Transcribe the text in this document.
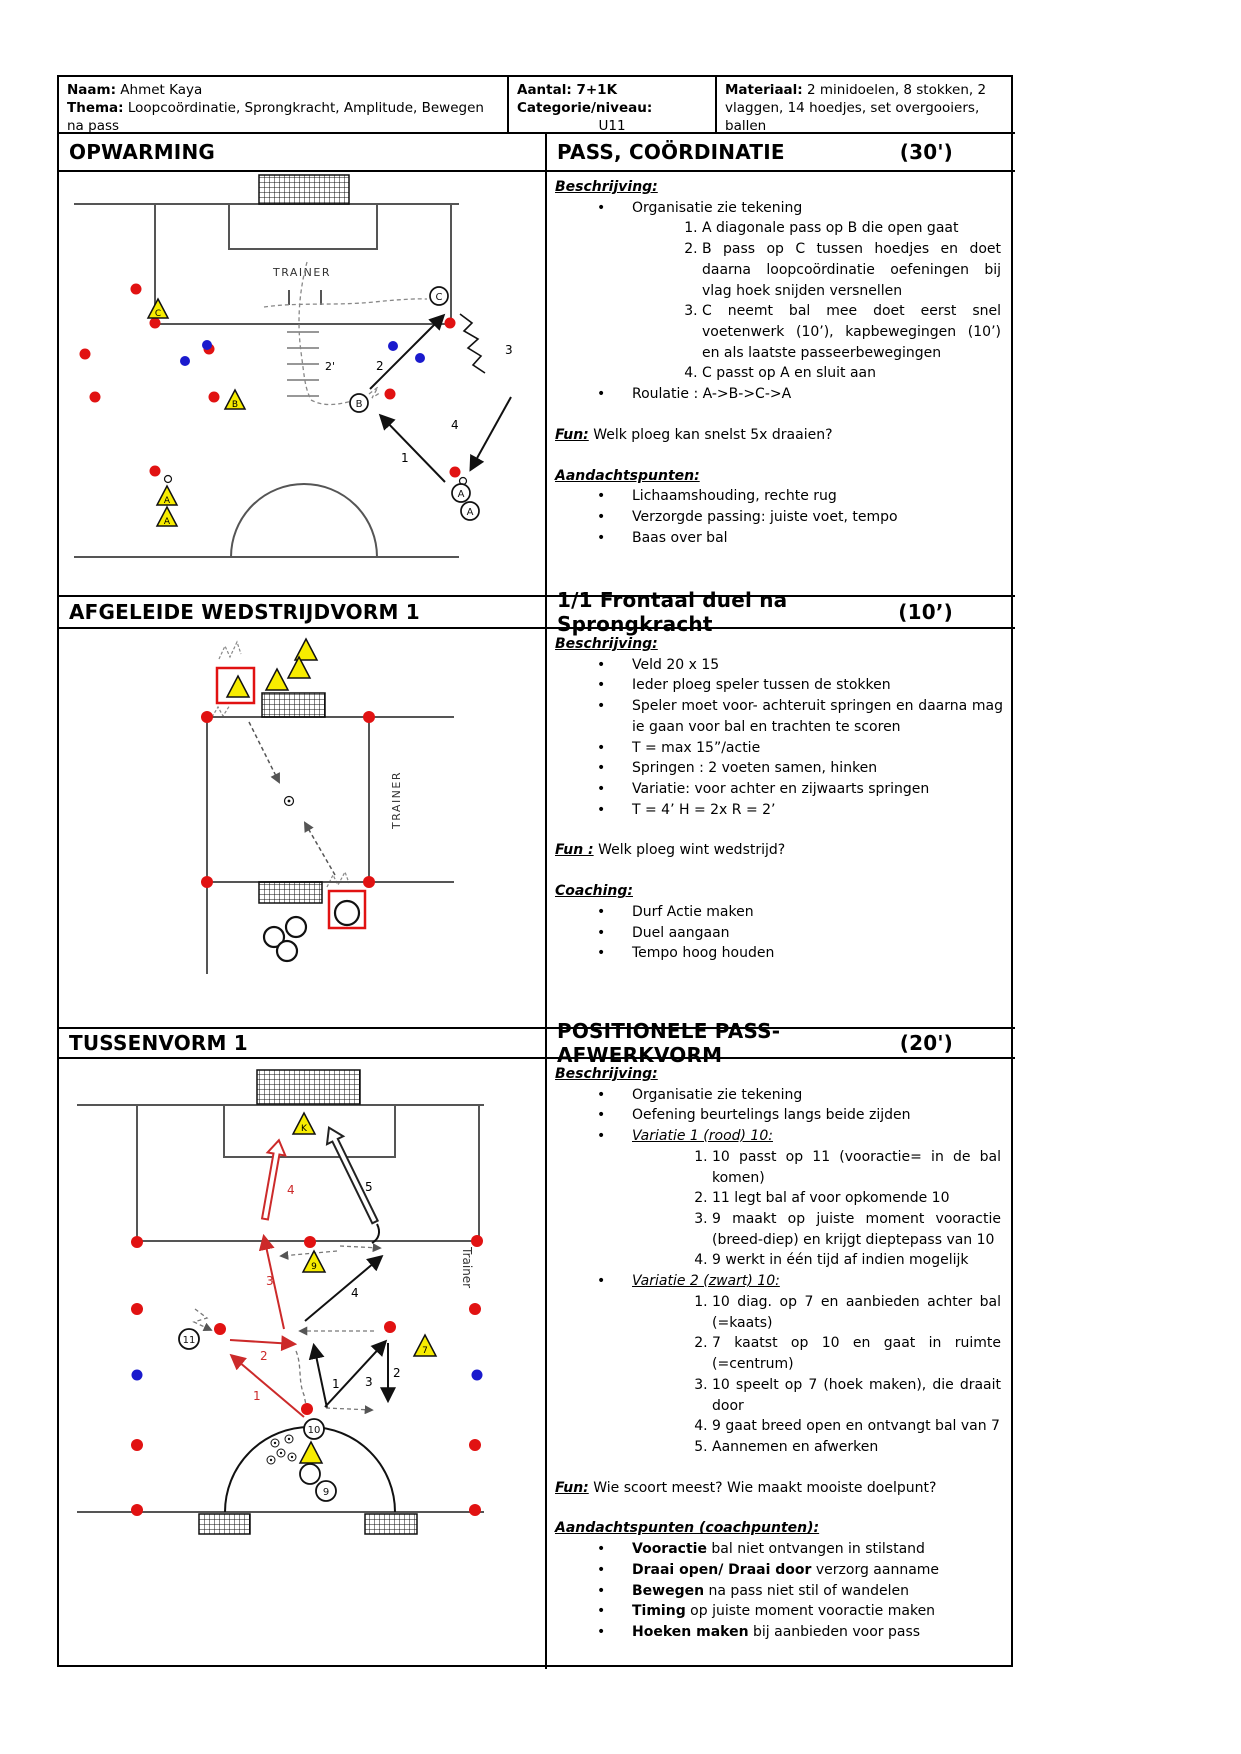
Naam: Ahmet Kaya
Thema: Loopcoördinatie, Sprongkracht, Amplitude, Bewegen na pass
Aantal: 7+1K
Categorie/niveau:
U11
Materiaal: 2 minidoelen, 8 stokken, 2 vlaggen, 14 hoedjes, set overgooiers, ballen
OPWARMING	PASS, COÖRDINATIE	(30')
TRAINER
2'
1
2
3
4
C
B
A
A
C
B
A
A
Beschrijving:
• Organisatie zie tekening
1. A diagonale pass op B die open gaat
2. B pass op C tussen hoedjes en doet daarna loopcoördinatie oefeningen bij vlag hoek snijden versnellen
3. C neemt bal mee doet eerst snel voetenwerk (10’), kapbewegingen (10’) en als laatste passeerbewegingen
4. C passt op A en sluit aan
• Roulatie : A->B->C->A
Fun: Welk ploeg kan snelst 5x draaien?
Aandachtspunten:
• Lichaamshouding, rechte rug
• Verzorgde passing: juiste voet, tempo
• Baas over bal
AFGELEIDE WEDSTRIJDVORM 1	1/1 Frontaal duel na Sprongkracht	(10’)
TRAINER
Beschrijving:
• Veld 20 x 15
• Ieder ploeg speler tussen de stokken
• Speler moet voor- achteruit springen en daarna mag ie gaan voor bal en trachten te scoren
• T = max 15”/actie
• Springen : 2 voeten samen, hinken
• Variatie: voor achter en zijwaarts springen
• T = 4’ H = 2x R = 2’
Fun : Welk ploeg wint wedstrijd?
Coaching:
• Durf Actie maken
• Duel aangaan
• Tempo hoog houden
TUSSENVORM 1	POSITIONELE PASS- AFWERKVORM	(20')
Trainer
4	5
1
2
3
1
2
3
4
K
9
7
11
10
9
Beschrijving:
• Organisatie zie tekening
• Oefening beurtelings langs beide zijden
• Variatie 1 (rood) 10:
1. 10 passt op 11 (vooractie= in de bal komen)
2. 11 legt bal af voor opkomende 10
3. 9 maakt op juiste moment vooractie (breed-diep) en krijgt dieptepass van 10
4. 9 werkt in één tijd af indien mogelijk
• Variatie 2 (zwart) 10:
1. 10 diag. op 7 en aanbieden achter bal (=kaats)
2. 7 kaatst op 10 en gaat in ruimte (=centrum)
3. 10 speelt op 7 (hoek maken), die draait door
4. 9 gaat breed open en ontvangt bal van 7
5. Aannemen en afwerken
Fun: Wie scoort meest? Wie maakt mooiste doelpunt?
Aandachtspunten (coachpunten):
• Vooractie bal niet ontvangen in stilstand
• Draai open/ Draai door verzorg aanname
• Bewegen na pass niet stil of wandelen
• Timing op juiste moment vooractie maken
• Hoeken maken bij aanbieden voor pass
